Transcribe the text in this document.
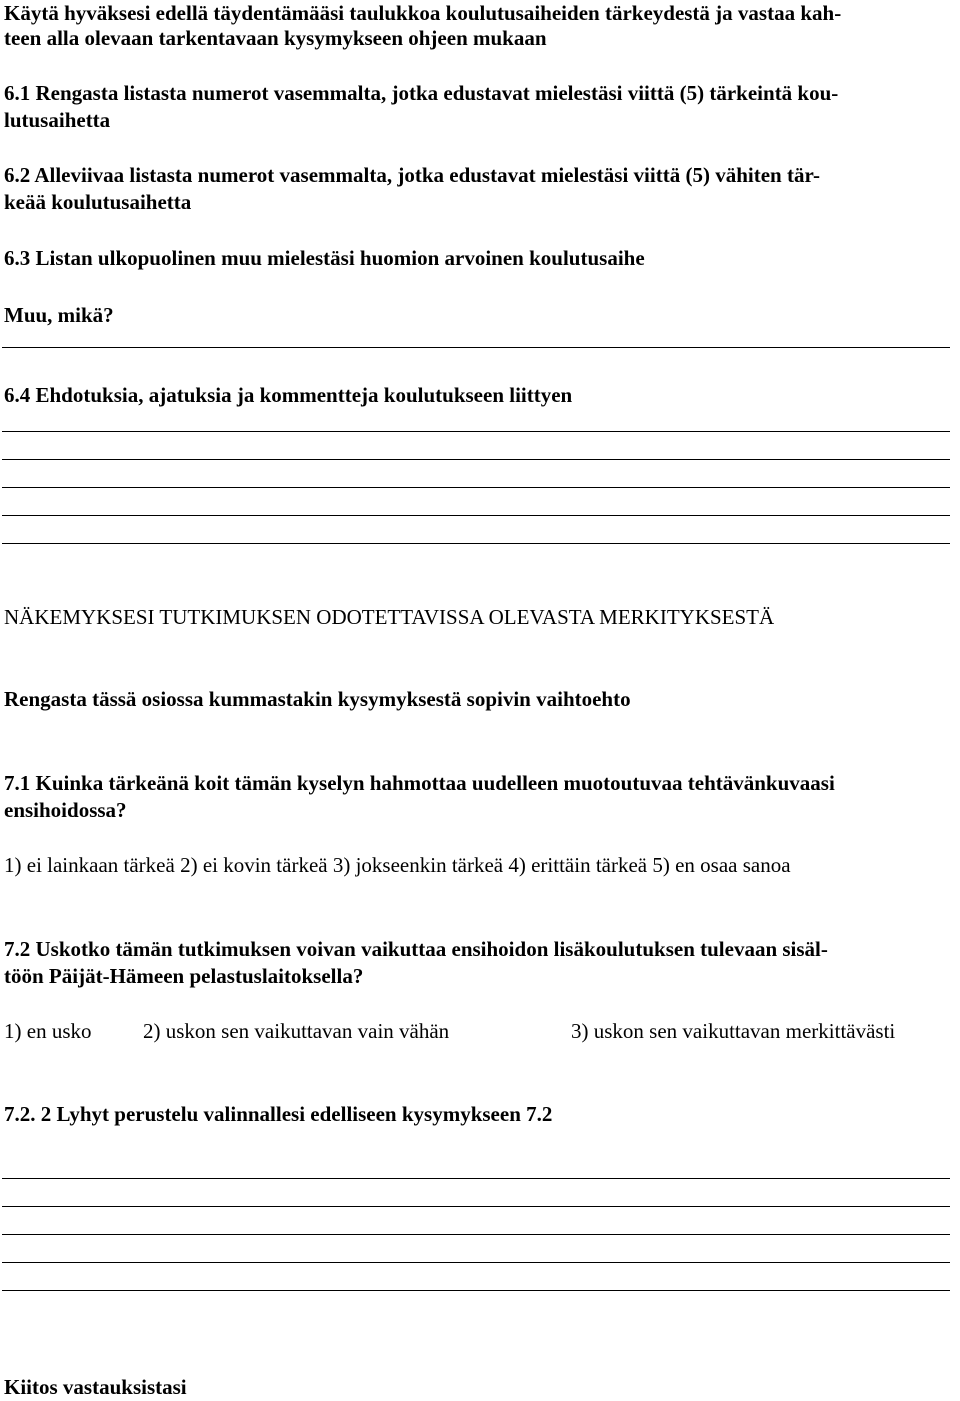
Käytä hyväksesi edellä täydentämääsi taulukkoa koulutusaiheiden tärkeydestä ja vastaa kah-
teen alla olevaan tarkentavaan kysymykseen ohjeen mukaan
6.1 Rengasta listasta numerot vasemmalta, jotka edustavat mielestäsi viittä (5) tärkeintä kou-
lutusaihetta
6.2 Alleviivaa listasta numerot vasemmalta, jotka edustavat mielestäsi viittä (5) vähiten tär-
keää koulutusaihetta
6.3 Listan ulkopuolinen muu mielestäsi huomion arvoinen koulutusaihe
Muu, mikä?
6.4 Ehdotuksia, ajatuksia ja kommentteja koulutukseen liittyen
NÄKEMYKSESI TUTKIMUKSEN ODOTETTAVISSA OLEVASTA MERKITYKSESTÄ
Rengasta tässä osiossa kummastakin kysymyksestä sopivin vaihtoehto
7.1 Kuinka tärkeänä koit tämän kyselyn hahmottaa uudelleen muotoutuvaa tehtävänkuvaasi
ensihoidossa?
1) ei lainkaan tärkeä 2) ei kovin tärkeä 3) jokseenkin tärkeä 4) erittäin tärkeä 5) en osaa sanoa
7.2 Uskotko tämän tutkimuksen voivan vaikuttaa ensihoidon lisäkoulutuksen tulevaan sisäl-
töön Päijät-Hämeen pelastuslaitoksella?
1) en usko 2) uskon sen vaikuttavan vain vähän	3) uskon sen vaikuttavan merkittävästi
7.2. 2 Lyhyt perustelu valinnallesi edelliseen kysymykseen 7.2
Kiitos vastauksistasi
